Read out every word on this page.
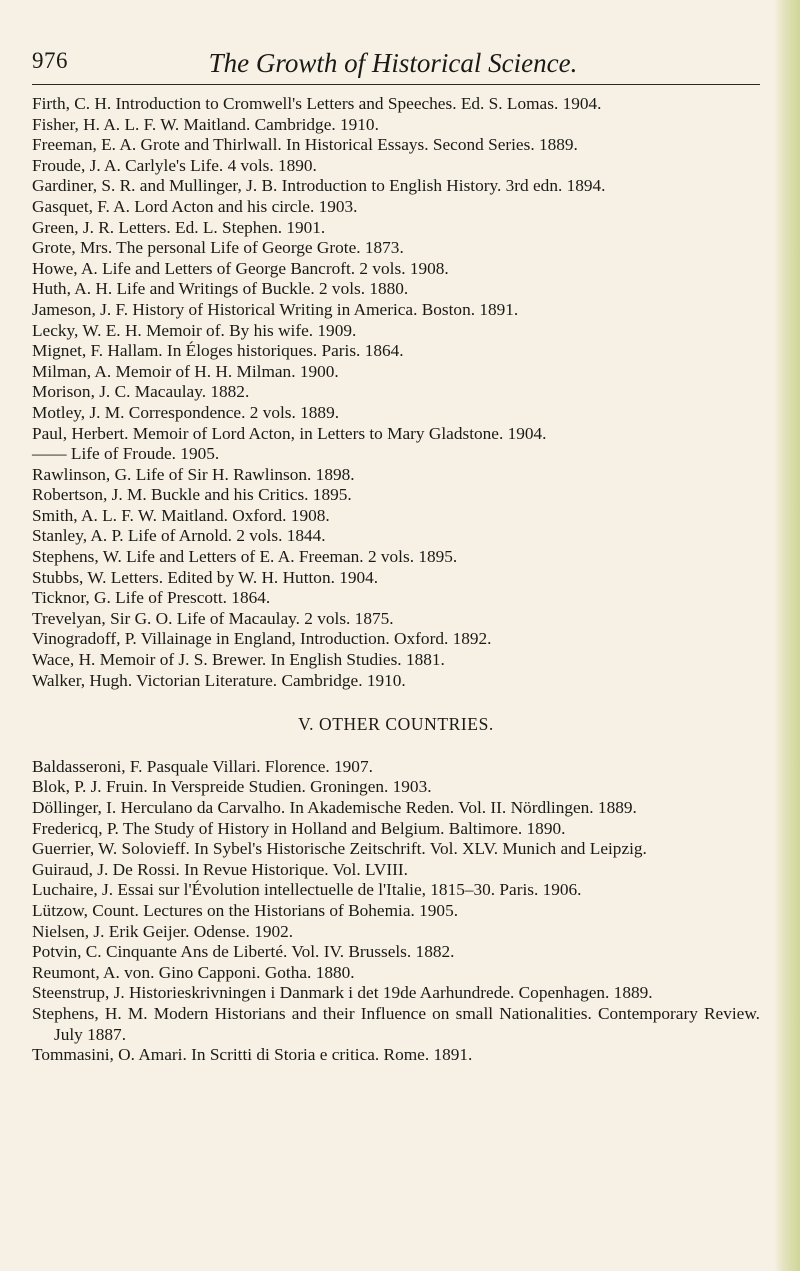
976	The Growth of Historical Science.

Firth, C. H. Introduction to Cromwell's Letters and Speeches. Ed. S. Lomas. 1904.

Fisher, H. A. L. F. W. Maitland. Cambridge. 1910.

Freeman, E. A. Grote and Thirlwall. In Historical Essays. Second Series. 1889.

Froude, J. A. Carlyle's Life. 4 vols. 1890.

Gardiner, S. R. and Mullinger, J. B. Introduction to English History. 3rd edn. 1894.

Gasquet, F. A. Lord Acton and his circle. 1903.

Green, J. R. Letters. Ed. L. Stephen. 1901.

Grote, Mrs. The personal Life of George Grote. 1873.

Howe, A. Life and Letters of George Bancroft. 2 vols. 1908.

Huth, A. H. Life and Writings of Buckle. 2 vols. 1880.

Jameson, J. F. History of Historical Writing in America. Boston. 1891.

Lecky, W. E. H. Memoir of. By his wife. 1909.

Mignet, F. Hallam. In Éloges historiques. Paris. 1864.

Milman, A. Memoir of H. H. Milman. 1900.

Morison, J. C. Macaulay. 1882.

Motley, J. M. Correspondence. 2 vols. 1889.

Paul, Herbert. Memoir of Lord Acton, in Letters to Mary Gladstone. 1904.

—— Life of Froude. 1905.

Rawlinson, G. Life of Sir H. Rawlinson. 1898.

Robertson, J. M. Buckle and his Critics. 1895.

Smith, A. L. F. W. Maitland. Oxford. 1908.

Stanley, A. P. Life of Arnold. 2 vols. 1844.

Stephens, W. Life and Letters of E. A. Freeman. 2 vols. 1895.

Stubbs, W. Letters. Edited by W. H. Hutton. 1904.

Ticknor, G. Life of Prescott. 1864.

Trevelyan, Sir G. O. Life of Macaulay. 2 vols. 1875.

Vinogradoff, P. Villainage in England, Introduction. Oxford. 1892.

Wace, H. Memoir of J. S. Brewer. In English Studies. 1881.

Walker, Hugh. Victorian Literature. Cambridge. 1910.

V. OTHER COUNTRIES.

Baldasseroni, F. Pasquale Villari. Florence. 1907.

Blok, P. J. Fruin. In Verspreide Studien. Groningen. 1903.

Döllinger, I. Herculano da Carvalho. In Akademische Reden. Vol. II. Nördlingen. 1889.

Fredericq, P. The Study of History in Holland and Belgium. Baltimore. 1890.

Guerrier, W. Solovieff. In Sybel's Historische Zeitschrift. Vol. XLV. Munich and Leipzig.

Guiraud, J. De Rossi. In Revue Historique. Vol. LVIII.

Luchaire, J. Essai sur l'Évolution intellectuelle de l'Italie, 1815–30. Paris. 1906.

Lützow, Count. Lectures on the Historians of Bohemia. 1905.

Nielsen, J. Erik Geijer. Odense. 1902.

Potvin, C. Cinquante Ans de Liberté. Vol. IV. Brussels. 1882.

Reumont, A. von. Gino Capponi. Gotha. 1880.

Steenstrup, J. Historieskrivningen i Danmark i det 19de Aarhundrede. Copenhagen. 1889.

Stephens, H. M. Modern Historians and their Influence on small Nationalities. Contemporary Review. July 1887.

Tommasini, O. Amari. In Scritti di Storia e critica. Rome. 1891.
